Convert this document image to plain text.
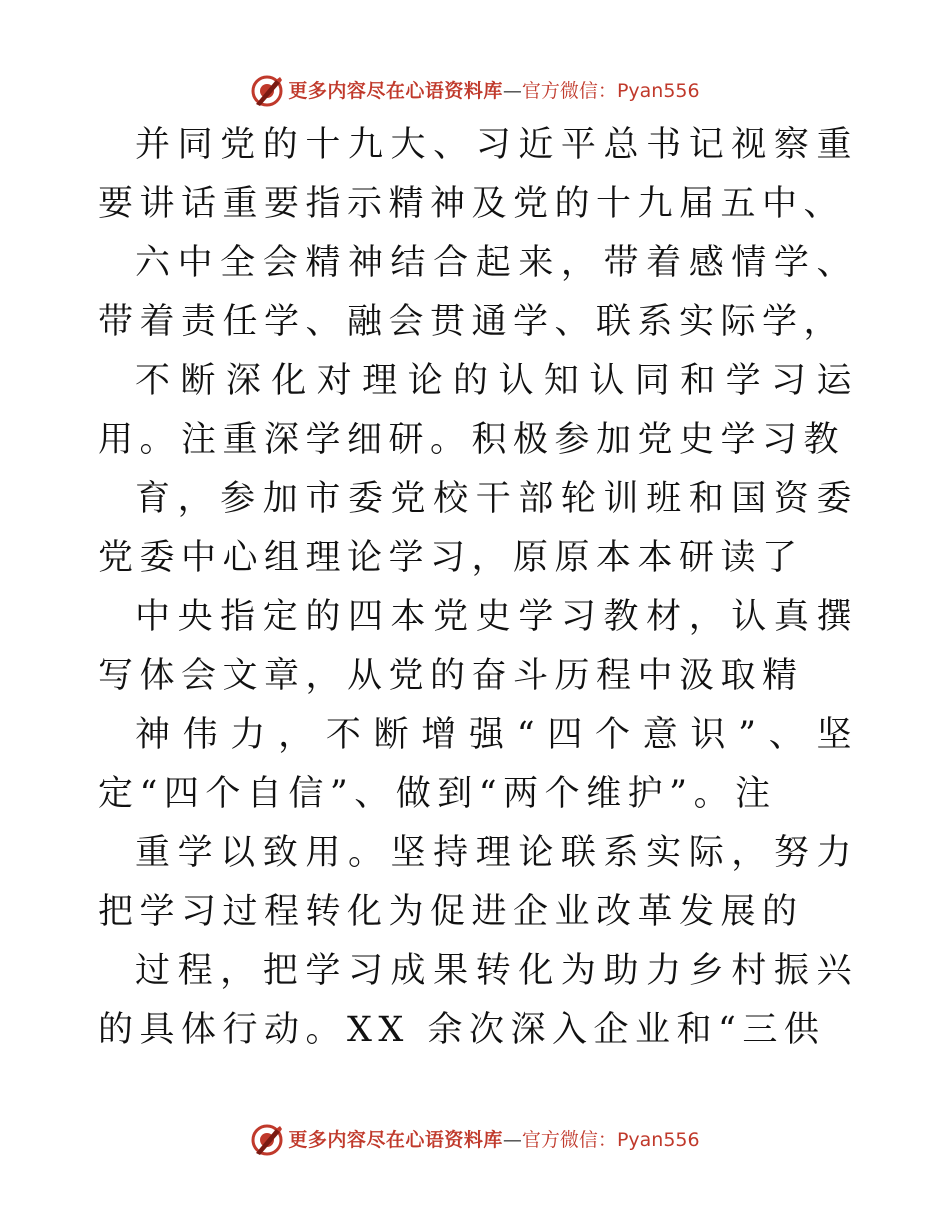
更多内容尽在心语资料库 — 官方微信： Pyan556

并同党的十九大、习近平总书记视察重要讲话重要指示精神及党的十九届五中、

六中全会精神结合起来，带着感情学、带着责任学、融会贯通学、联系实际学，

不断深化对理论的认知认同和学习运用。注重深学细研。积极参加党史学习教

育，参加市委党校干部轮训班和国资委党委中心组理论学习，原原本本研读了

中央指定的四本党史学习教材，认真撰写体会文章，从党的奋斗历程中汲取精

神伟力，不断增强“四个意识”、坚定“四个自信”、做到“两个维护”。注

重学以致用。坚持理论联系实际，努力把学习过程转化为促进企业改革发展的

过程，把学习成果转化为助力乡村振兴的具体行动。XX 余次深入企业和“三供

更多内容尽在心语资料库 — 官方微信： Pyan556
